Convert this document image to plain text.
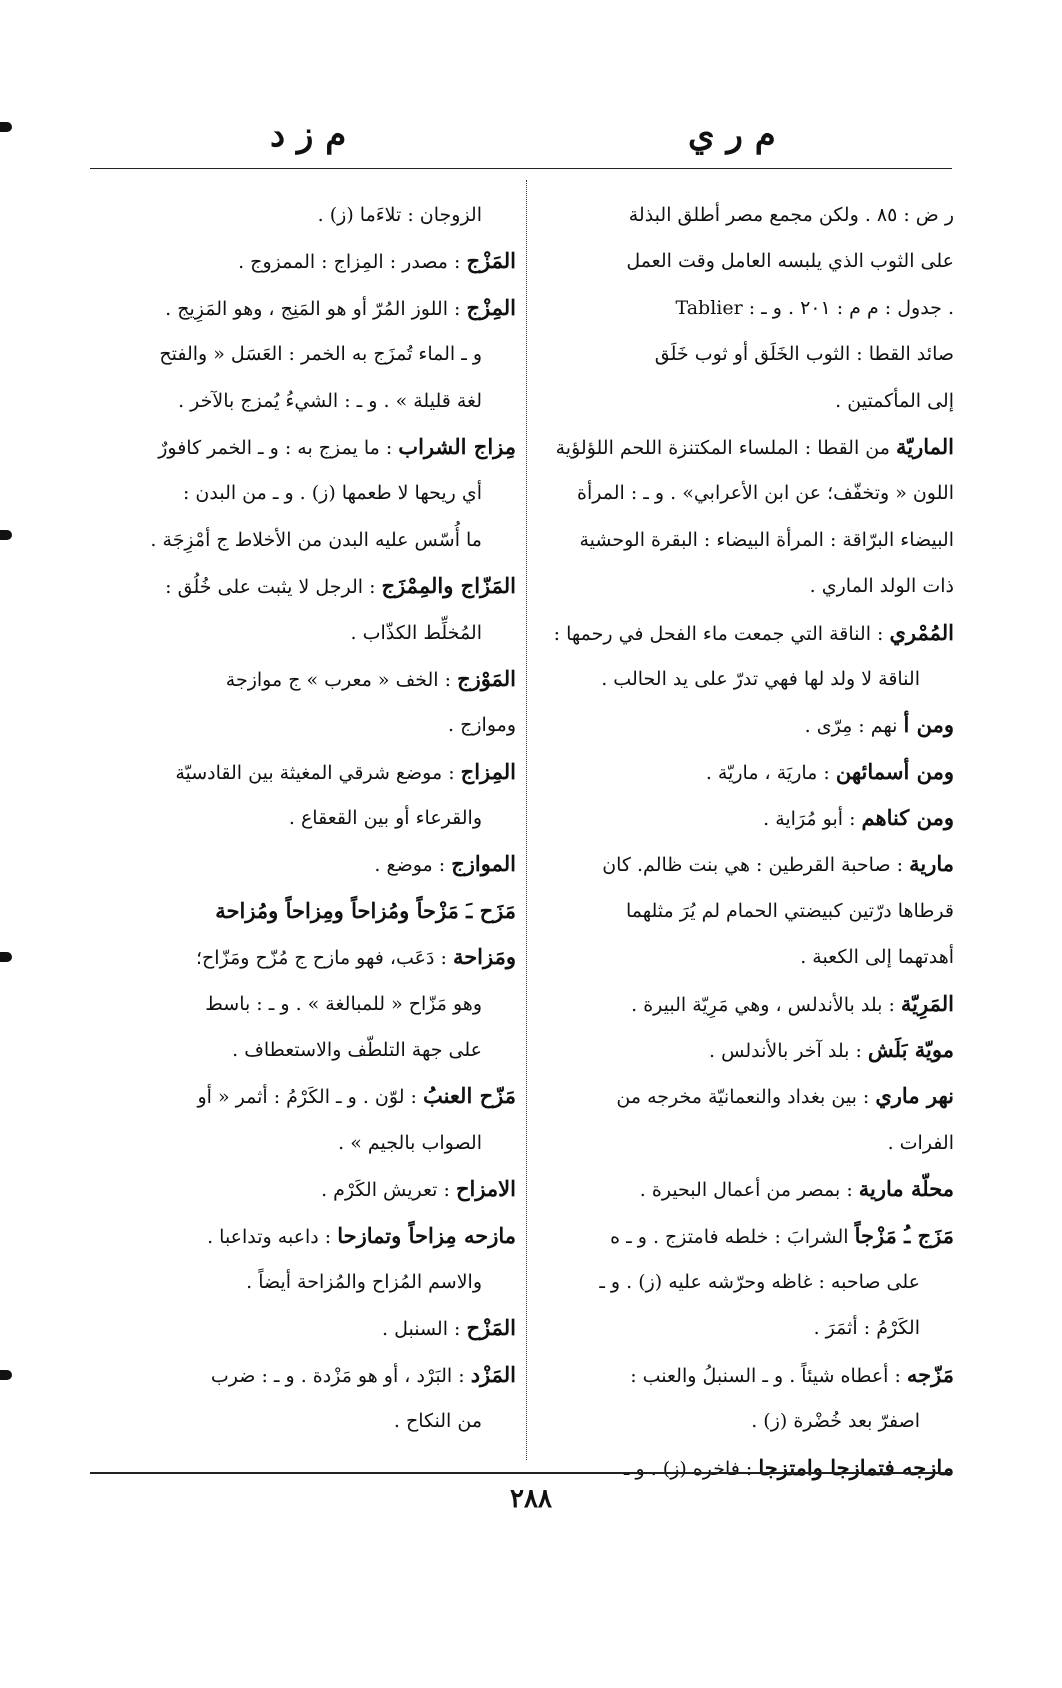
م ر ي
م ز د
ر ض : ٨٥ . ولكن مجمع مصر أطلق البذلة
على الثوب الذي يلبسه العامل وقت العمل
. جدول : م م : ٢٠١ . و ـ : Tablier
صائد القطا : الثوب الخَلَق أو ثوب خَلَق
إلى المأكمتين .
الماريّة من القطا : الملساء المكتنزة اللحم اللؤلؤية
اللون « وتخفّف؛ عن ابن الأعرابي» . و ـ : المرأة
البيضاء البرّاقة : المرأة البيضاء : البقرة الوحشية
ذات الولد الماري .
المُمْري : الناقة التي جمعت ماء الفحل في رحمها :
الناقة لا ولد لها فهي تدرّ على يد الحالب .
ومن أ نهم : مِرّى .
ومن أسمائهن : ماريَة ، ماريّة .
ومن كناهم : أبو مُرَاية .
مارية : صاحبة القرطين : هي بنت ظالم. كان
قرطاها درّتين كبيضتي الحمام لم يُرَ مثلهما
أهدتهما إلى الكعبة .
المَرِيّة : بلد بالأندلس ، وهي مَرِيّة البيرة .
مويّة بَلَش : بلد آخر بالأندلس .
نهر ماري : بين بغداد والنعمانيّة مخرجه من
الفرات .
محلّة مارية : بمصر من أعمال البحيرة .
مَزَج ـُ مَزْجاً الشرابَ : خلطه فامتزج . و ـ ه
على صاحبه : غاظه وحرّشه عليه (ز) . و ـ
الكَرْمُ : أثمَرَ .
مَزّجه : أعطاه شيئاً . و ـ السنبلُ والعنب :
اصفرّ بعد خُضْرة (ز) .
مازجه فتمازجا وامتزجا : فاخره (ز) . و ـ
الزوجان : تلاءَما (ز) .
المَزْج : مصدر : المِزاج : الممزوج .
المِزْج : اللوز المُرّ أو هو المَنِج ، وهو المَزِيج .
و ـ الماء تُمزَج به الخمر : العَسَل « والفتح
لغة قليلة » . و ـ : الشيءُ يُمزج بالآخر .
مِزاج الشراب : ما يمزج به : و ـ الخمر كافورٌ
أي ريحها لا طعمها (ز) . و ـ من البدن :
ما أُسّس عليه البدن من الأخلاط ج أمْزِجَة .
المَزّاج والمِمْزَج : الرجل لا يثبت على خُلُق :
المُخلِّط الكذّاب .
المَوْزج : الخف « معرب » ج موازجة
وموازج .
المِزاج : موضع شرقي المغيثة بين القادسيّة
والقرعاء أو بين القعقاع .
الموازج : موضع .
مَزَح ـَ مَزْحاً ومُزاحاً ومِزاحاً ومُزاحة
ومَزاحة : دَعَب، فهو مازح ج مُزّح ومَزّاح؛
وهو مَزّاح « للمبالغة » . و ـ : باسط
على جهة التلطّف والاستعطاف .
مَزّح العنبُ : لوّن . و ـ الكَرْمُ : أثمر « أو
الصواب بالجيم » .
الامزاح : تعريش الكَرْم .
مازحه مِزاحاً وتمازحا : داعبه وتداعبا .
والاسم المُزاح والمُزاحة أيضاً .
المَزْح : السنبل .
المَزْد : البَرْد ، أو هو مَزْدة . و ـ : ضرب
من النكاح .
٢٨٨
